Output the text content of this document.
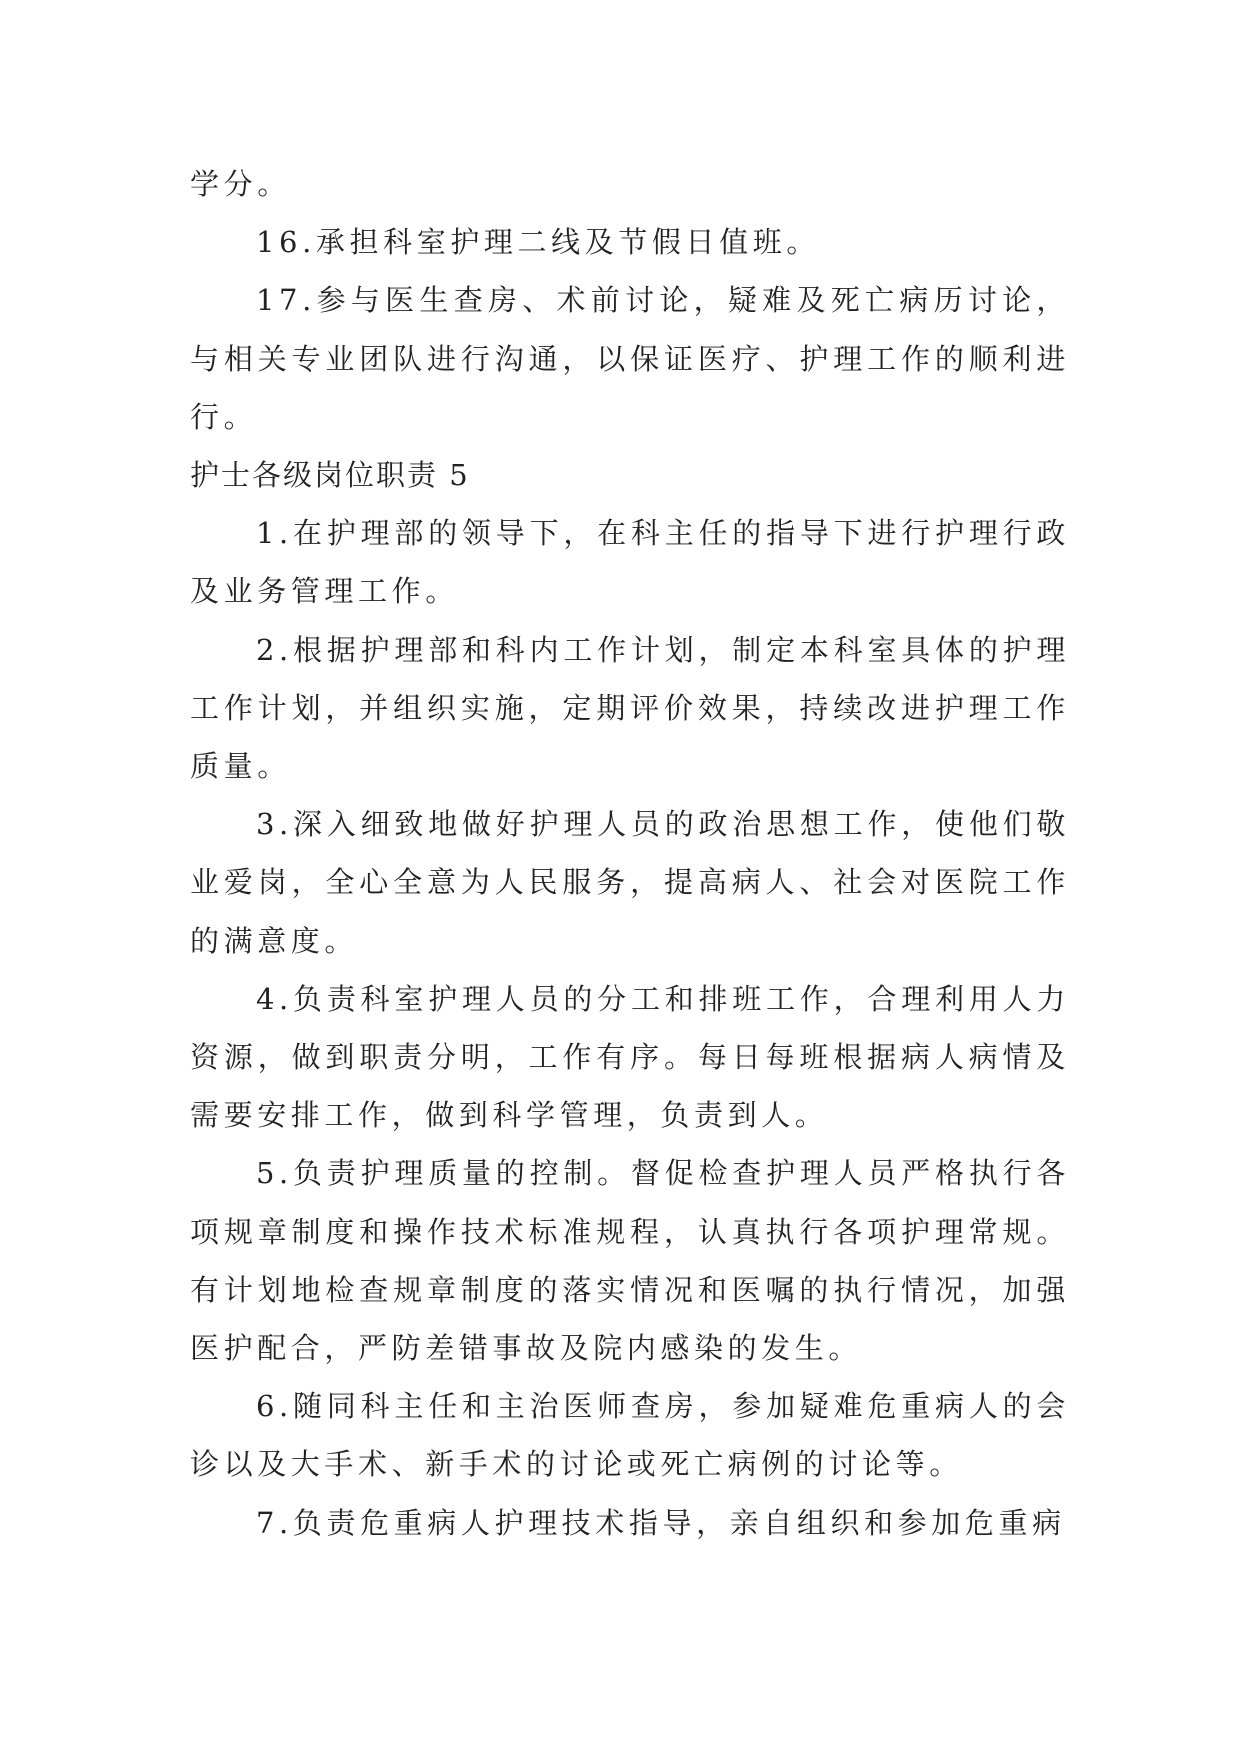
学分。

16.承担科室护理二线及节假日值班。

17.参与医生查房、术前讨论，疑难及死亡病历讨论，与相关专业团队进行沟通，以保证医疗、护理工作的顺利进行。

护士各级岗位职责 5

1.在护理部的领导下，在科主任的指导下进行护理行政及业务管理工作。

2.根据护理部和科内工作计划，制定本科室具体的护理工作计划，并组织实施，定期评价效果，持续改进护理工作质量。

3.深入细致地做好护理人员的政治思想工作，使他们敬业爱岗，全心全意为人民服务，提高病人、社会对医院工作的满意度。

4.负责科室护理人员的分工和排班工作，合理利用人力资源，做到职责分明，工作有序。每日每班根据病人病情及需要安排工作，做到科学管理，负责到人。

5.负责护理质量的控制。督促检查护理人员严格执行各项规章制度和操作技术标准规程，认真执行各项护理常规。有计划地检查规章制度的落实情况和医嘱的执行情况，加强医护配合，严防差错事故及院内感染的发生。

6.随同科主任和主治医师查房，参加疑难危重病人的会诊以及大手术、新手术的讨论或死亡病例的讨论等。

7.负责危重病人护理技术指导，亲自组织和参加危重病
